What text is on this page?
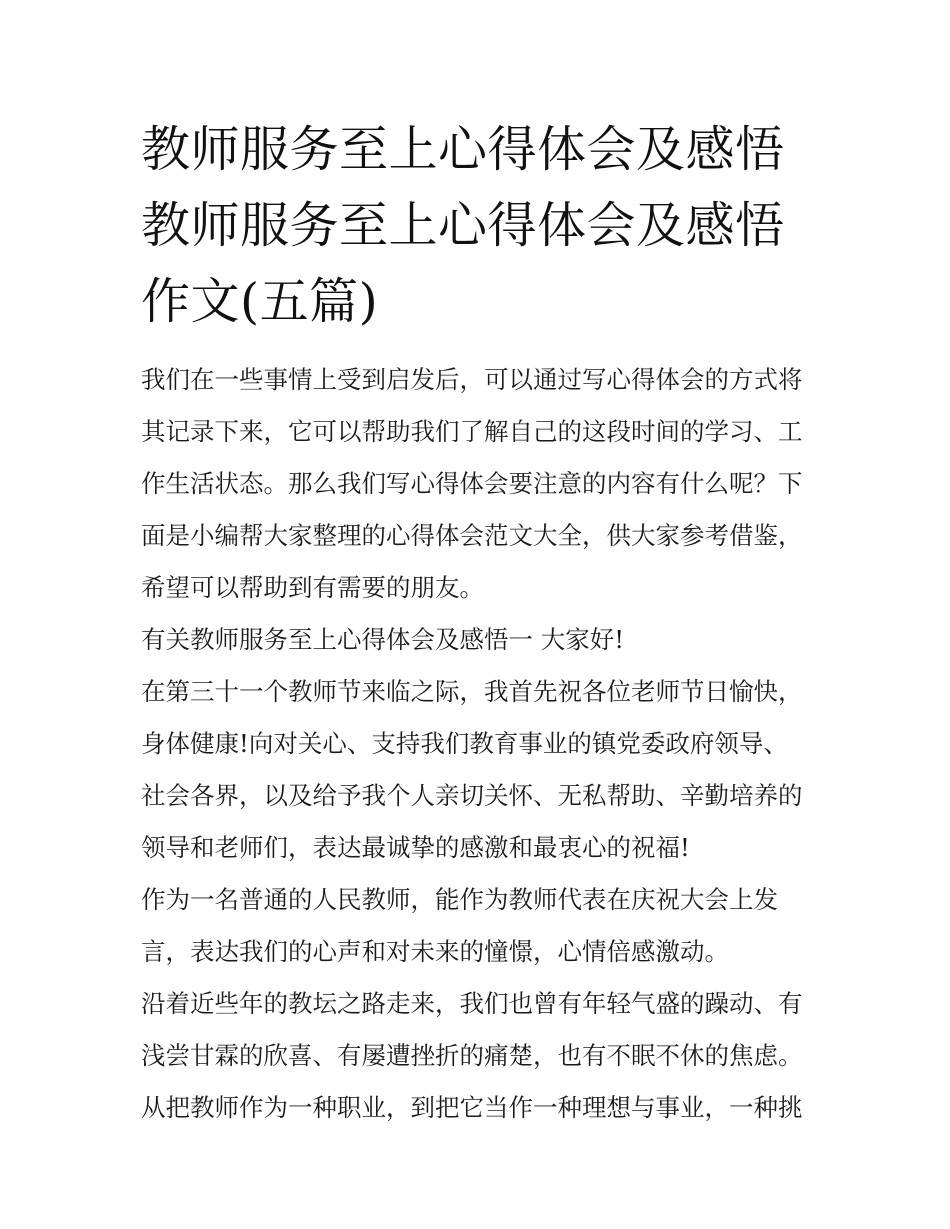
教师服务至上心得体会及感悟
教师服务至上心得体会及感悟
作文(五篇)
我们在一些事情上受到启发后，可以通过写心得体会的方式将
其记录下来，它可以帮助我们了解自己的这段时间的学习、工
作生活状态。那么我们写心得体会要注意的内容有什么呢？下
面是小编帮大家整理的心得体会范文大全，供大家参考借鉴，
希望可以帮助到有需要的朋友。
有关教师服务至上心得体会及感悟一 大家好!
在第三十一个教师节来临之际，我首先祝各位老师节日愉快，
身体健康!向对关心、支持我们教育事业的镇党委政府领导、
社会各界，以及给予我个人亲切关怀、无私帮助、辛勤培养的
领导和老师们，表达最诚挚的感激和最衷心的祝福!
作为一名普通的人民教师，能作为教师代表在庆祝大会上发
言，表达我们的心声和对未来的憧憬，心情倍感激动。
沿着近些年的教坛之路走来，我们也曾有年轻气盛的躁动、有
浅尝甘霖的欣喜、有屡遭挫折的痛楚，也有不眠不休的焦虑。
从把教师作为一种职业，到把它当作一种理想与事业，一种挑
